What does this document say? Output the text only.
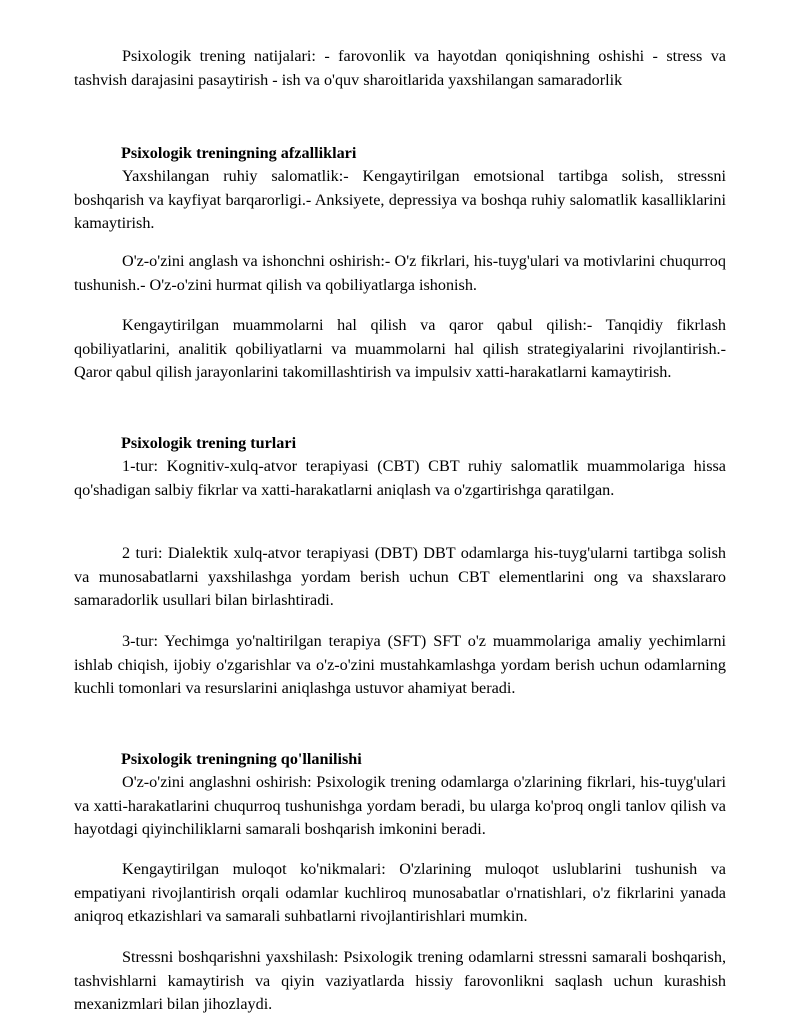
Psixologik trening natijalari: - farovonlik va hayotdan qoniqishning oshishi - stress va tashvish darajasini pasaytirish - ish va o'quv sharoitlarida yaxshilangan samaradorlik

Psixologik treningning afzalliklari

Yaxshilangan ruhiy salomatlik:- Kengaytirilgan emotsional tartibga solish, stressni boshqarish va kayfiyat barqarorligi.- Anksiyete, depressiya va boshqa ruhiy salomatlik kasalliklarini kamaytirish.

O'z-o'zini anglash va ishonchni oshirish:- O'z fikrlari, his-tuyg'ulari va motivlarini chuqurroq tushunish.- O'z-o'zini hurmat qilish va qobiliyatlarga ishonish.

Kengaytirilgan muammolarni hal qilish va qaror qabul qilish:- Tanqidiy fikrlash qobiliyatlarini, analitik qobiliyatlarni va muammolarni hal qilish strategiyalarini rivojlantirish.- Qaror qabul qilish jarayonlarini takomillashtirish va impulsiv xatti-harakatlarni kamaytirish.

Psixologik trening turlari

1-tur: Kognitiv-xulq-atvor terapiyasi (CBT) CBT ruhiy salomatlik muammolariga hissa qo'shadigan salbiy fikrlar va xatti-harakatlarni aniqlash va o'zgartirishga qaratilgan.

2 turi: Dialektik xulq-atvor terapiyasi (DBT) DBT odamlarga his-tuyg'ularni tartibga solish va munosabatlarni yaxshilashga yordam berish uchun CBT elementlarini ong va shaxslararo samaradorlik usullari bilan birlashtiradi.

3-tur: Yechimga yo'naltirilgan terapiya (SFT) SFT o'z muammolariga amaliy yechimlarni ishlab chiqish, ijobiy o'zgarishlar va o'z-o'zini mustahkamlashga yordam berish uchun odamlarning kuchli tomonlari va resurslarini aniqlashga ustuvor ahamiyat beradi.

Psixologik treningning qo'llanilishi

O'z-o'zini anglashni oshirish: Psixologik trening odamlarga o'zlarining fikrlari, his-tuyg'ulari va xatti-harakatlarini chuqurroq tushunishga yordam beradi, bu ularga ko'proq ongli tanlov qilish va hayotdagi qiyinchiliklarni samarali boshqarish imkonini beradi.

Kengaytirilgan muloqot ko'nikmalari: O'zlarining muloqot uslublarini tushunish va empatiyani rivojlantirish orqali odamlar kuchliroq munosabatlar o'rnatishlari, o'z fikrlarini yanada aniqroq etkazishlari va samarali suhbatlarni rivojlantirishlari mumkin.

Stressni boshqarishni yaxshilash: Psixologik trening odamlarni stressni samarali boshqarish, tashvishlarni kamaytirish va qiyin vaziyatlarda hissiy farovonlikni saqlash uchun kurashish mexanizmlari bilan jihozlaydi.
